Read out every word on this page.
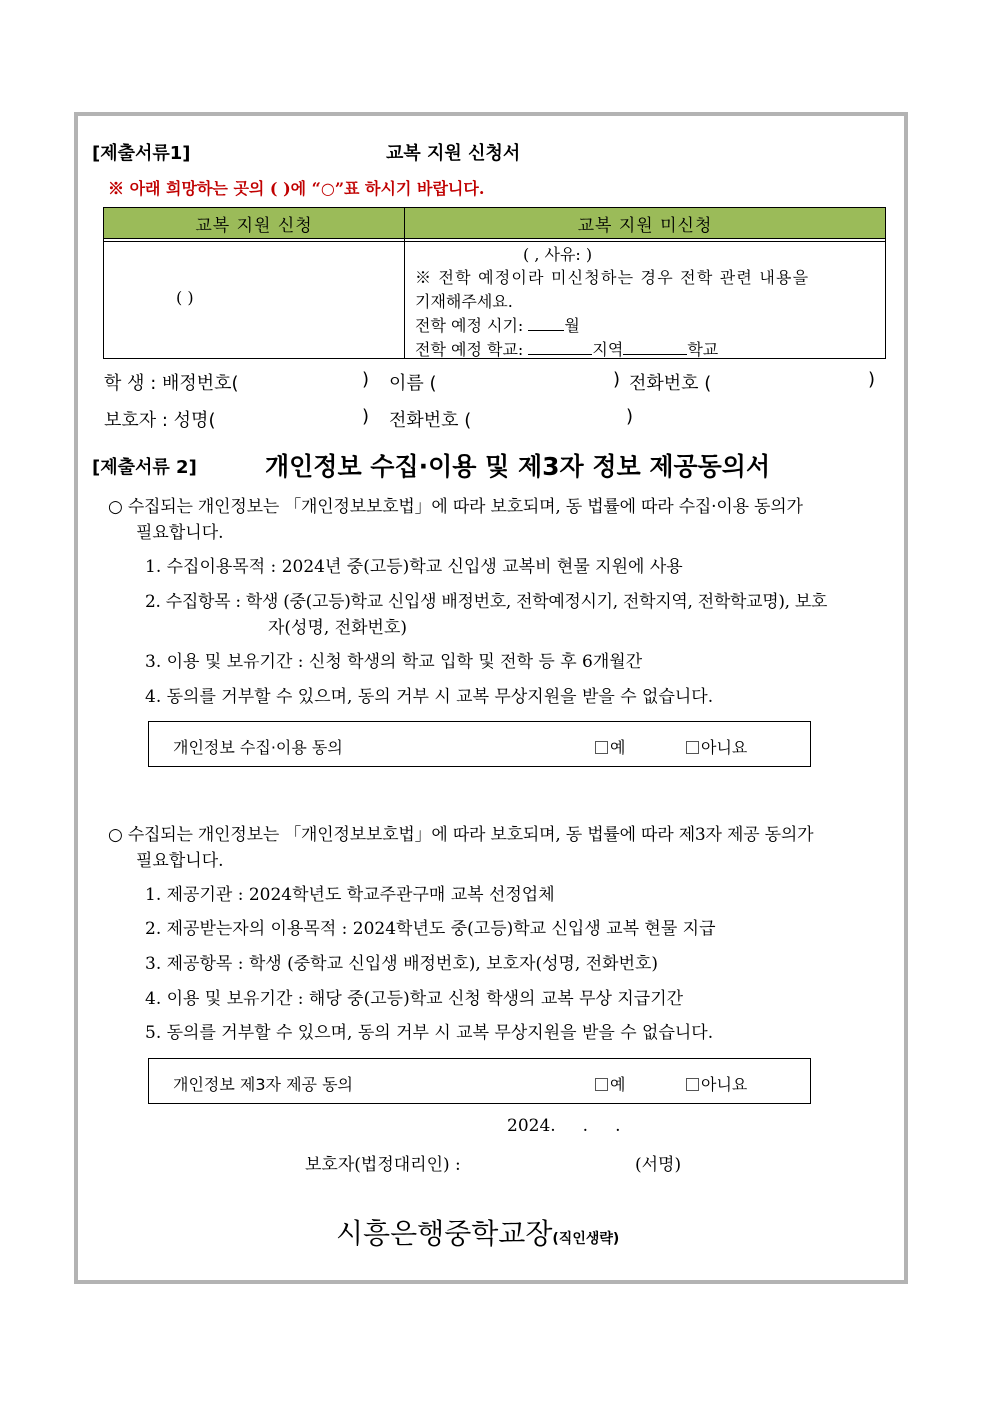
[제출서류1]	교복 지원 신청서
※ 아래 희망하는 곳의 ( )에 “○”표 하시기 바랍니다.
교복 지원 신청	교복 지원 미신청

( )	( , 사유: )
※ 전학 예정이라 미신청하는 경우 전학 관련 내용을
기재해주세요.
전학 예정 시기: 월
전학 예정 학교: 지역 학교
학 생 : 배정번호(	) 이름 (	) 전화번호 (	)
보호자 : 성명(	) 전화번호 (	)
[제출서류 2]	개인정보 수집·이용 및 제3자 정보 제공동의서
○ 수집되는 개인정보는 「개인정보보호법」에 따라 보호되며, 동 법률에 따라 수집·이용 동의가
필요합니다.
1. 수집이용목적 : 2024년 중(고등)학교 신입생 교복비 현물 지원에 사용
2. 수집항목 : 학생 (중(고등)학교 신입생 배정번호, 전학예정시기, 전학지역, 전학학교명), 보호
자(성명, 전화번호)
3. 이용 및 보유기간 : 신청 학생의 학교 입학 및 전학 등 후 6개월간
4. 동의를 거부할 수 있으며, 동의 거부 시 교복 무상지원을 받을 수 없습니다.
개인정보 수집·이용 동의	예	아니요
○ 수집되는 개인정보는 「개인정보보호법」에 따라 보호되며, 동 법률에 따라 제3자 제공 동의가
필요합니다.
1. 제공기관 : 2024학년도 학교주관구매 교복 선정업체
2. 제공받는자의 이용목적 : 2024학년도 중(고등)학교 신입생 교복 현물 지급
3. 제공항목 : 학생 (중학교 신입생 배정번호), 보호자(성명, 전화번호)
4. 이용 및 보유기간 : 해당 중(고등)학교 신청 학생의 교복 무상 지급기간
5. 동의를 거부할 수 있으며, 동의 거부 시 교복 무상지원을 받을 수 없습니다.
개인정보 제3자 제공 동의	예	아니요
2024.     .     .
보호자(법정대리인) :	(서명)
시흥은행중학교장(직인생략)
